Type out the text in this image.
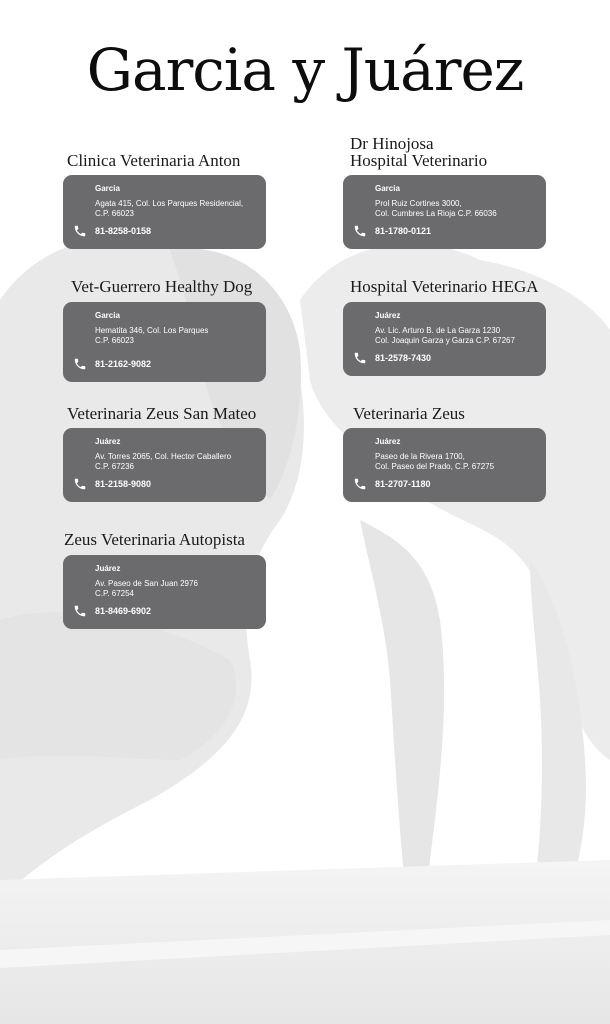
Garcia y Juárez
Clinica Veterinaria Anton
Garcia
Agata 415, Col. Los Parques Residencial,
C.P. 66023
81-8258-0158
Dr Hinojosa
Hospital Veterinario
Garcia
Prol Ruiz Cortines 3000,
Col. Cumbres La Rioja C.P. 66036
81-1780-0121
Vet-Guerrero Healthy Dog
Garcia
Hematita 346, Col. Los Parques
C.P. 66023
81-2162-9082
Hospital Veterinario HEGA
Juárez
Av. Lic. Arturo B. de La Garza 1230
Col. Joaquin Garza y Garza C.P. 67267
81-2578-7430
Veterinaria Zeus San Mateo
Juárez
Av. Torres 2065, Col. Hector Caballero
C.P. 67236
81-2158-9080
Veterinaria Zeus
Juárez
Paseo de la Rivera 1700,
Col. Paseo del Prado, C.P. 67275
81-2707-1180
Zeus Veterinaria Autopista
Juárez
Av. Paseo de San Juan 2976
C.P. 67254
81-8469-6902
